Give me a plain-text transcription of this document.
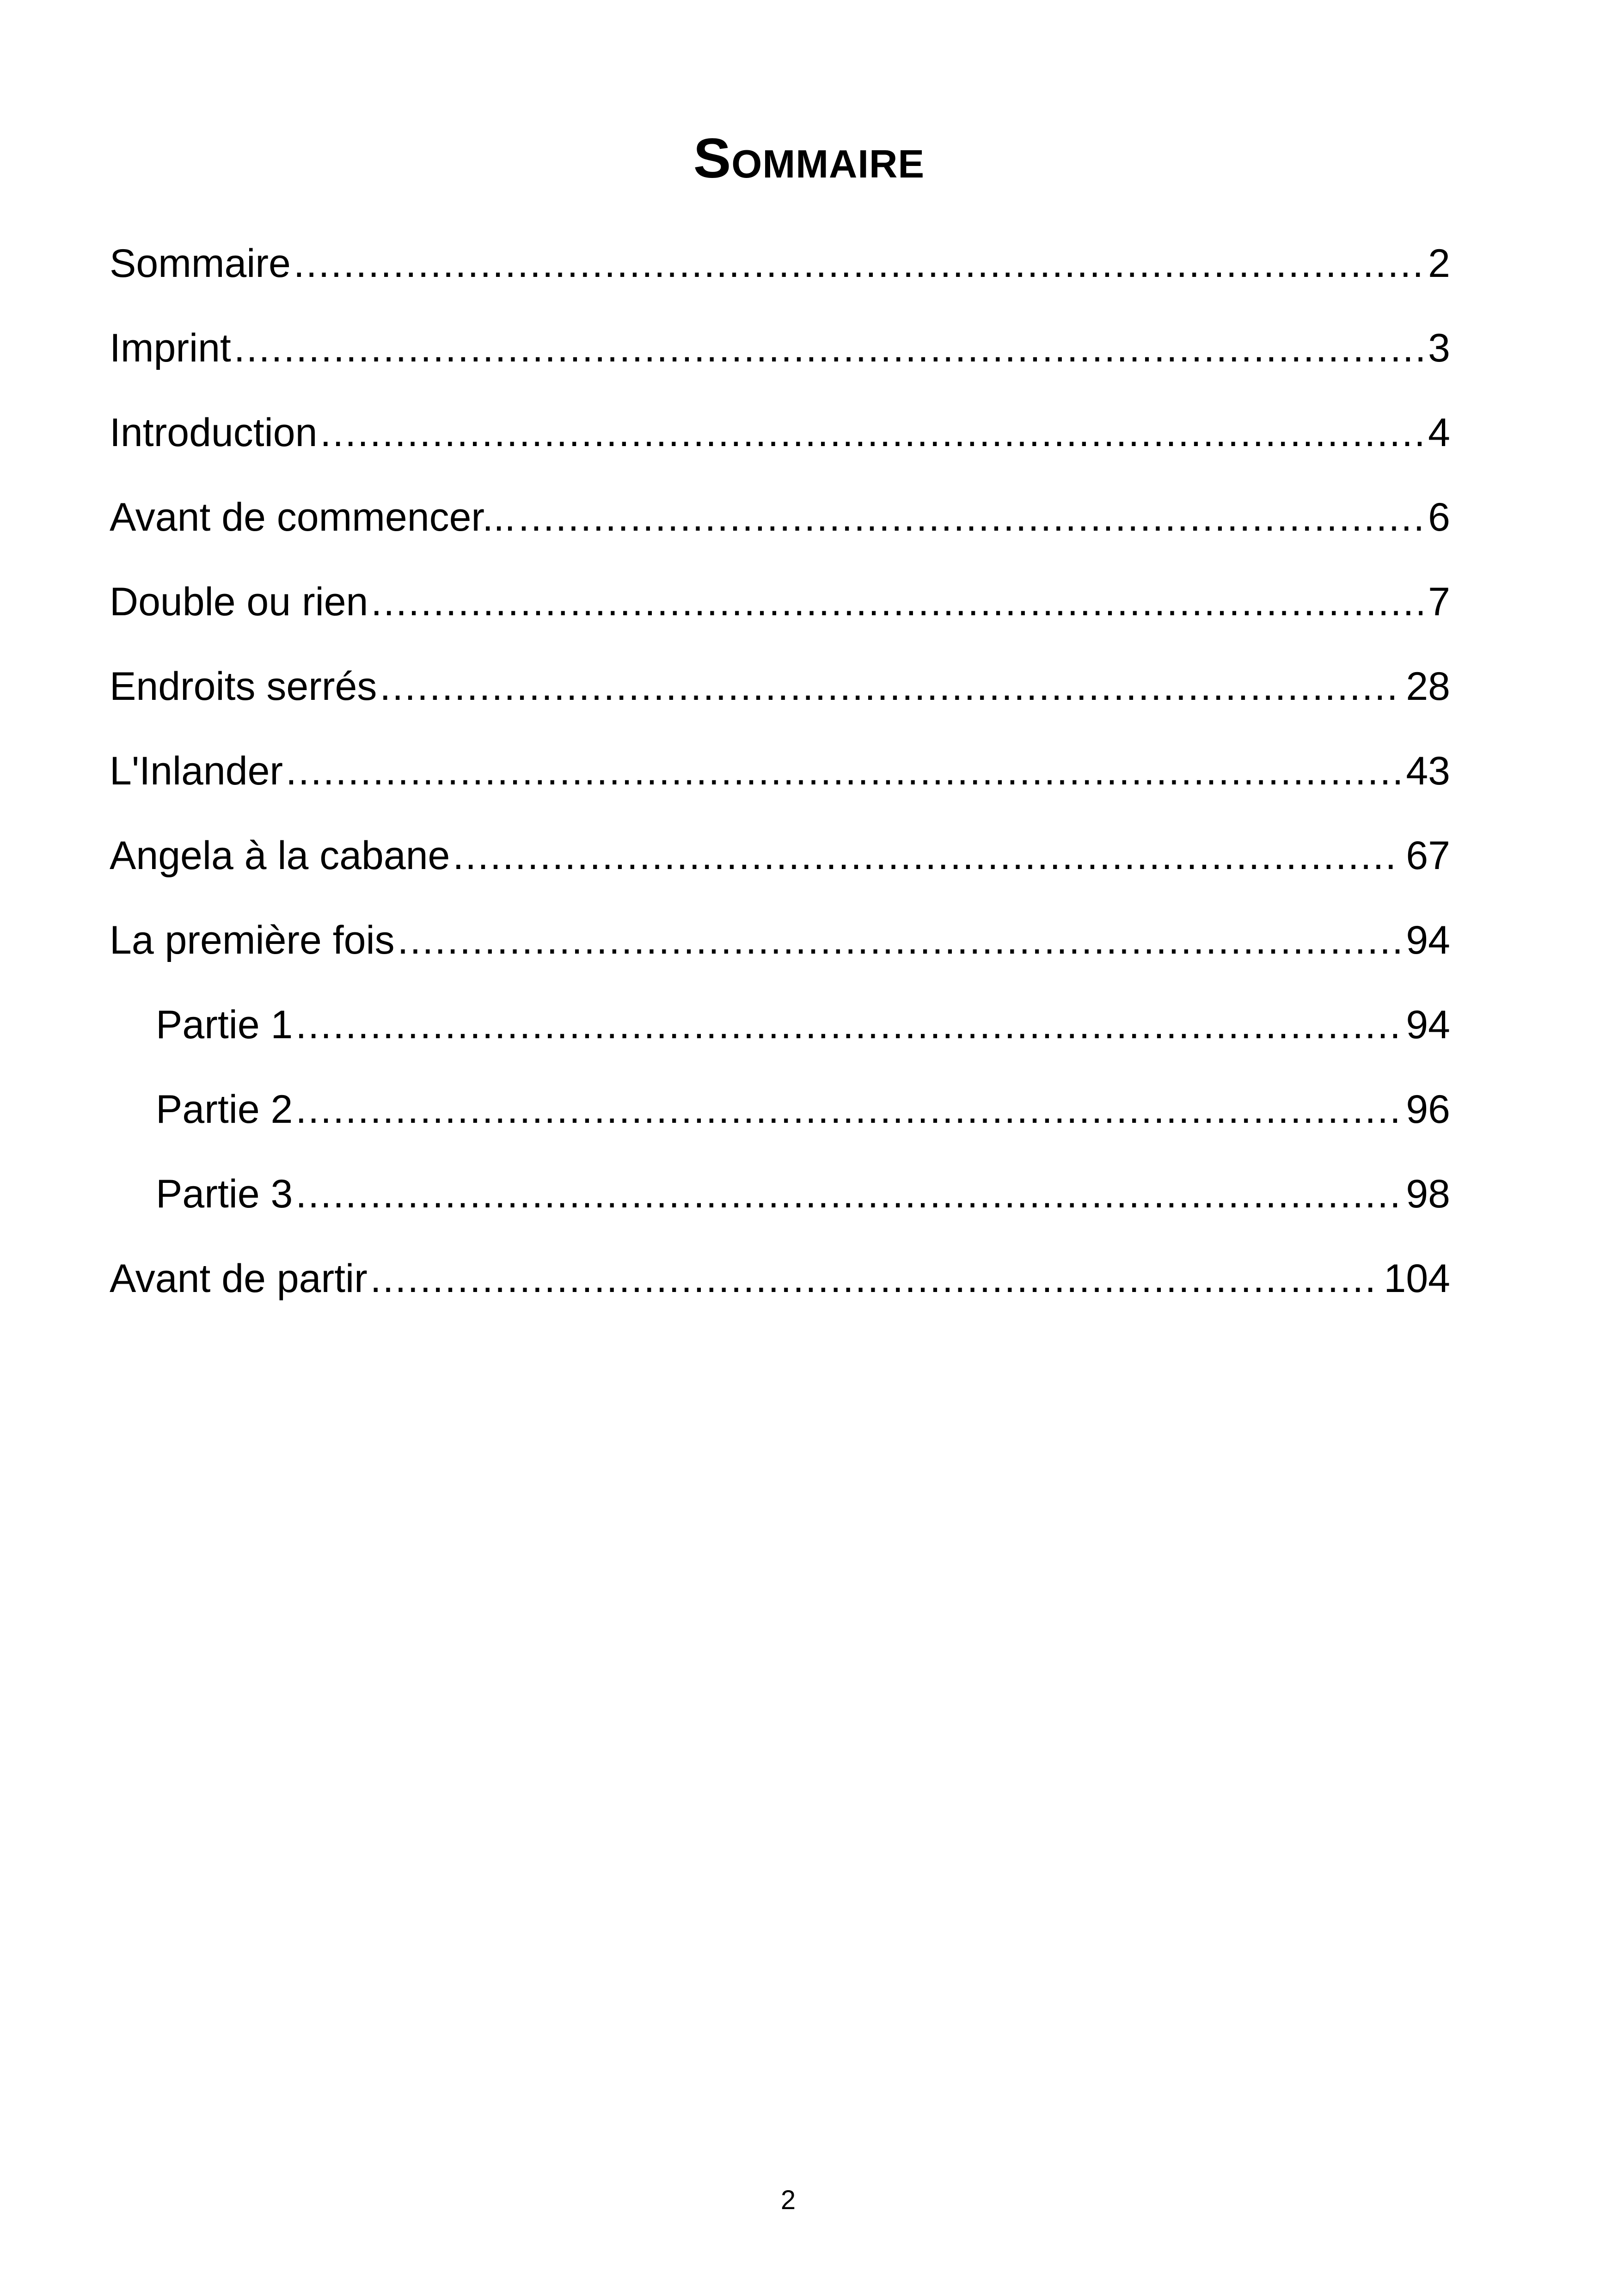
Sommaire
Sommaire .....	2
Imprint .....	3
Introduction .....	4
Avant de commencer... .....	6
Double ou rien .....	7
Endroits serrés .....	28
L'Inlander .....	43
Angela à la cabane .....	67
La première fois .....	94
Partie 1 .....	94
Partie 2 .....	96
Partie 3 .....	98
Avant de partir .....	104
2
